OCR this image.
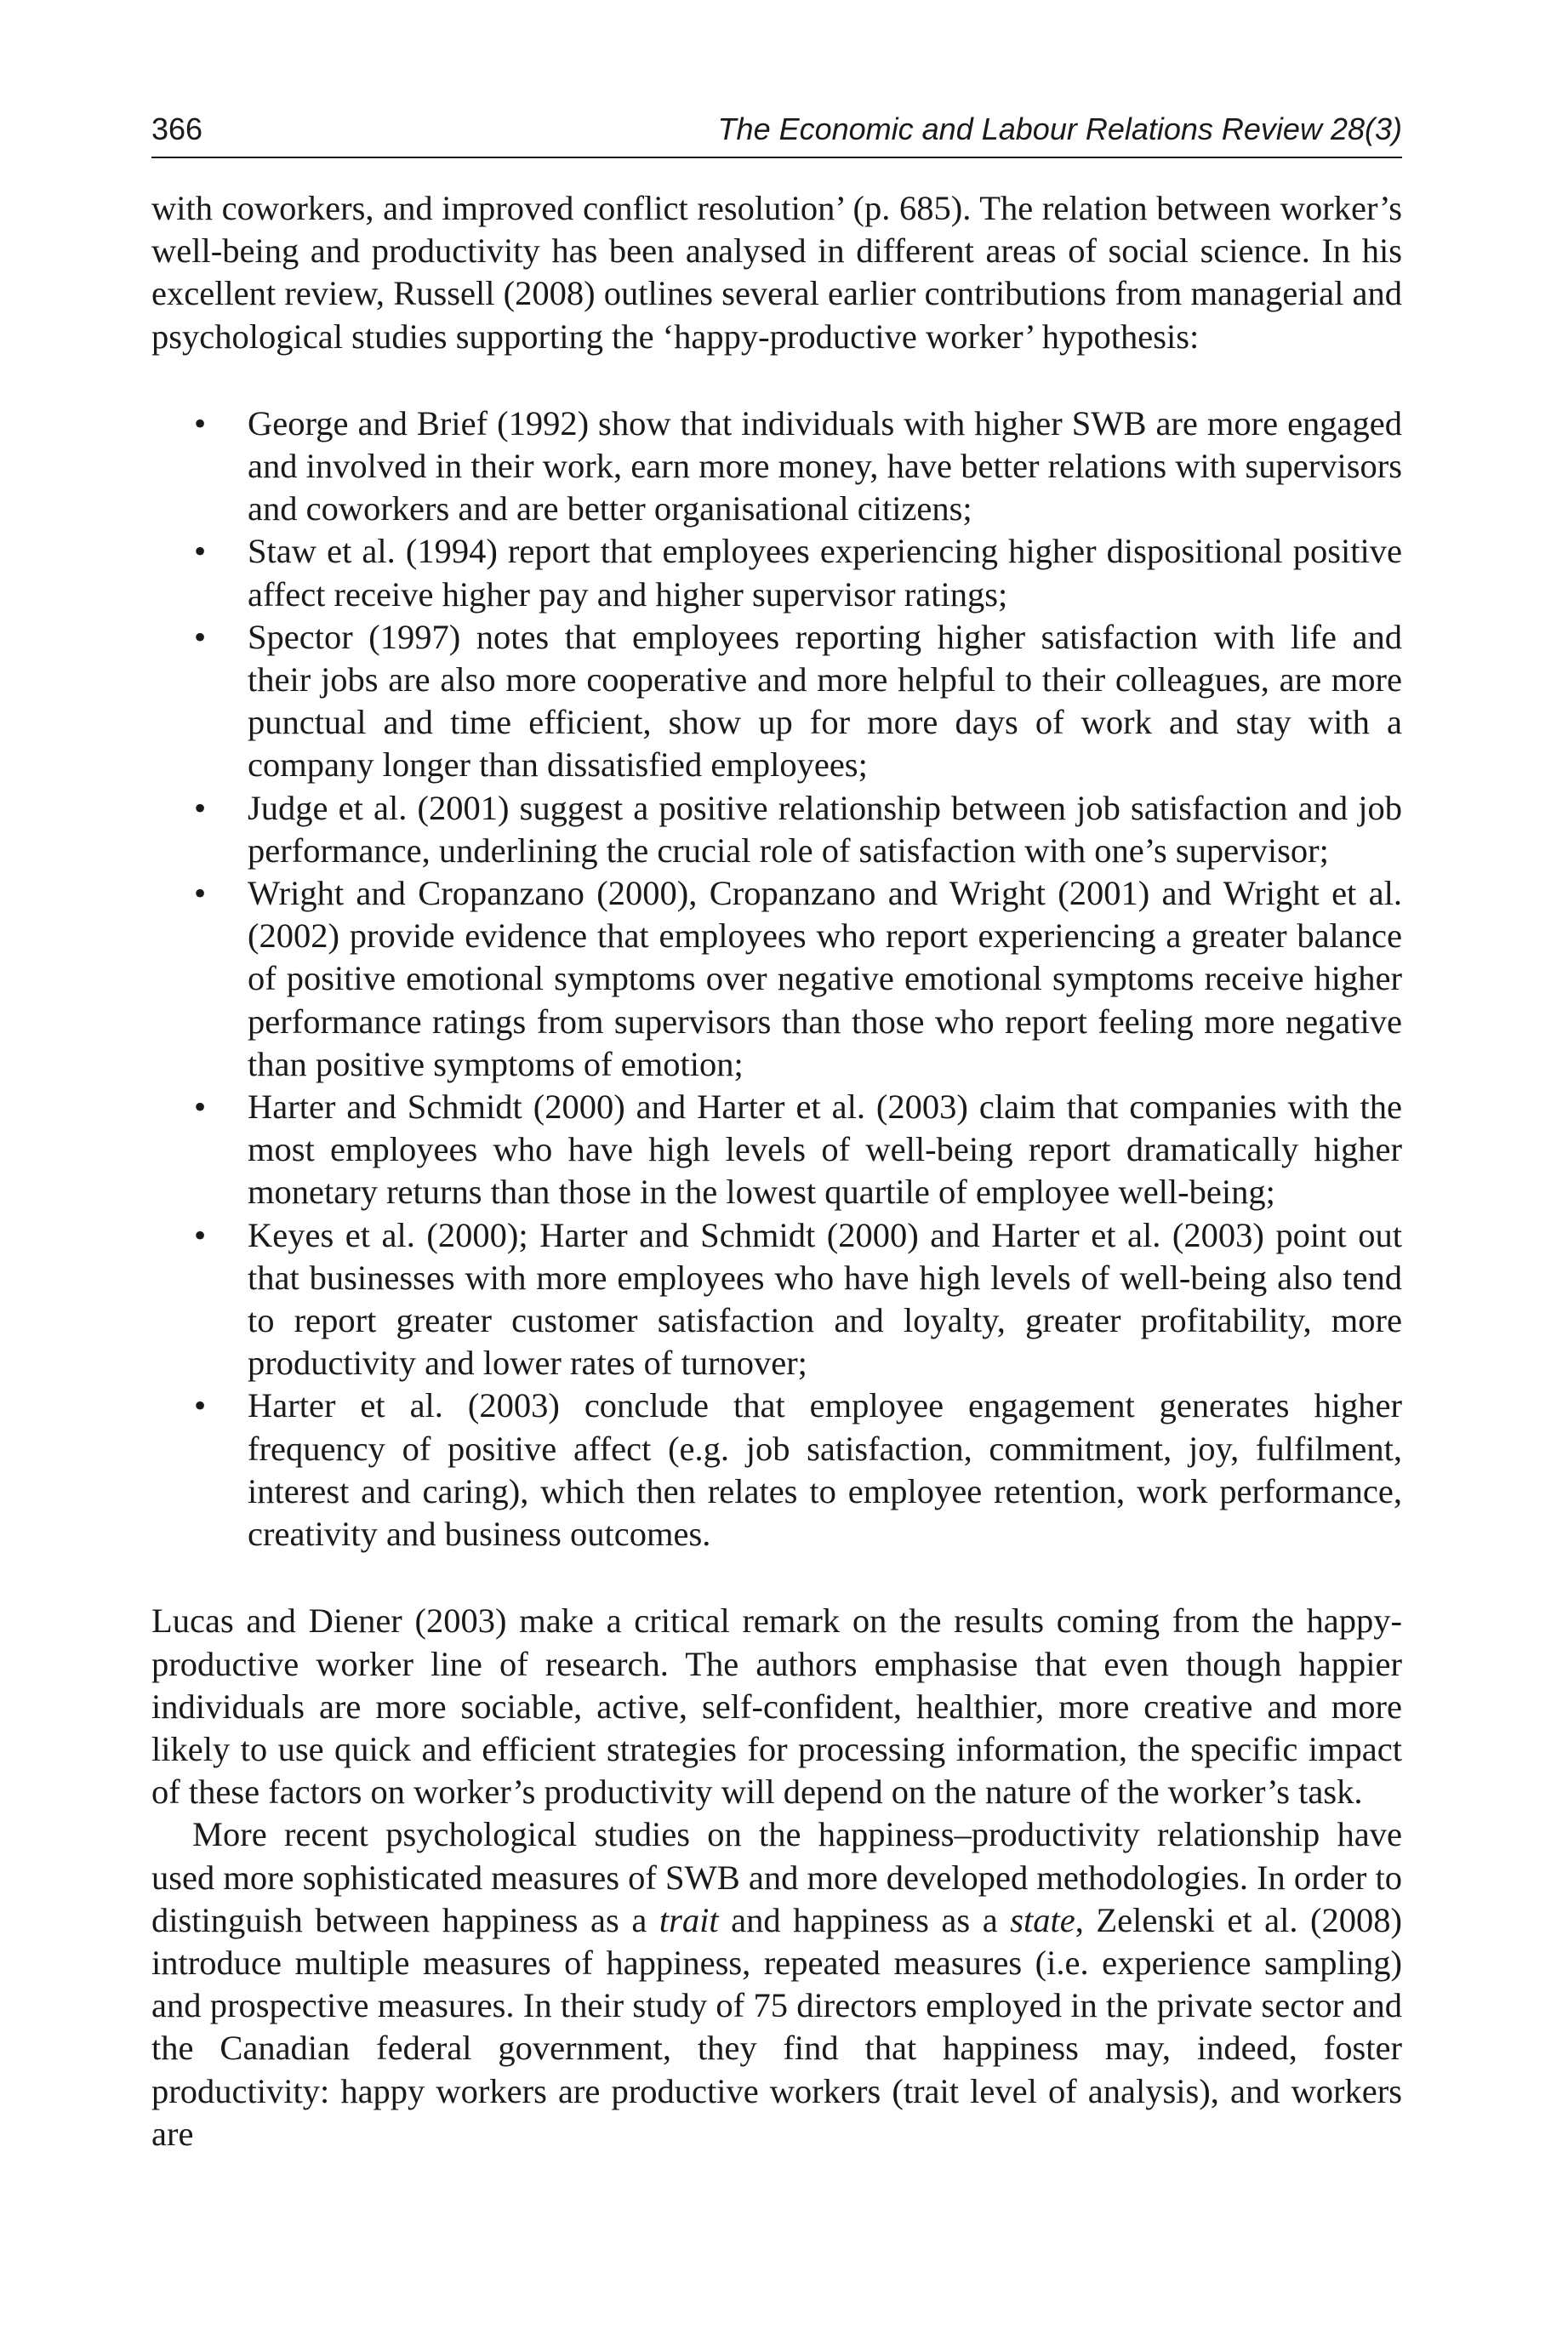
366	The Economic and Labour Relations Review 28(3)

with coworkers, and improved conflict resolution’ (p. 685). The relation between worker’s well-being and productivity has been analysed in different areas of social science. In his excellent review, Russell (2008) outlines several earlier contributions from managerial and psychological studies supporting the ‘happy-productive worker’ hypothesis:

• George and Brief (1992) show that individuals with higher SWB are more engaged and involved in their work, earn more money, have better relations with supervisors and coworkers and are better organisational citizens;
• Staw et al. (1994) report that employees experiencing higher dispositional positive affect receive higher pay and higher supervisor ratings;
• Spector (1997) notes that employees reporting higher satisfaction with life and their jobs are also more cooperative and more helpful to their colleagues, are more punctual and time efficient, show up for more days of work and stay with a company longer than dissatisfied employees;
• Judge et al. (2001) suggest a positive relationship between job satisfaction and job performance, underlining the crucial role of satisfaction with one’s supervisor;
• Wright and Cropanzano (2000), Cropanzano and Wright (2001) and Wright et al. (2002) provide evidence that employees who report experiencing a greater balance of positive emotional symptoms over negative emotional symptoms receive higher performance ratings from supervisors than those who report feeling more negative than positive symptoms of emotion;
• Harter and Schmidt (2000) and Harter et al. (2003) claim that companies with the most employees who have high levels of well-being report dramatically higher monetary returns than those in the lowest quartile of employee well-being;
• Keyes et al. (2000); Harter and Schmidt (2000) and Harter et al. (2003) point out that businesses with more employees who have high levels of well-being also tend to report greater customer satisfaction and loyalty, greater profitability, more productivity and lower rates of turnover;
• Harter et al. (2003) conclude that employee engagement generates higher frequency of positive affect (e.g. job satisfaction, commitment, joy, fulfilment, interest and caring), which then relates to employee retention, work performance, creativity and business outcomes.

Lucas and Diener (2003) make a critical remark on the results coming from the happy-productive worker line of research. The authors emphasise that even though happier individuals are more sociable, active, self-confident, healthier, more creative and more likely to use quick and efficient strategies for processing information, the specific impact of these factors on worker’s productivity will depend on the nature of the worker’s task.

More recent psychological studies on the happiness–productivity relationship have used more sophisticated measures of SWB and more developed methodologies. In order to distinguish between happiness as a trait and happiness as a state, Zelenski et al. (2008) introduce multiple measures of happiness, repeated measures (i.e. experience sampling) and prospective measures. In their study of 75 directors employed in the private sector and the Canadian federal government, they find that happiness may, indeed, foster productivity: happy workers are productive workers (trait level of analysis), and workers are
